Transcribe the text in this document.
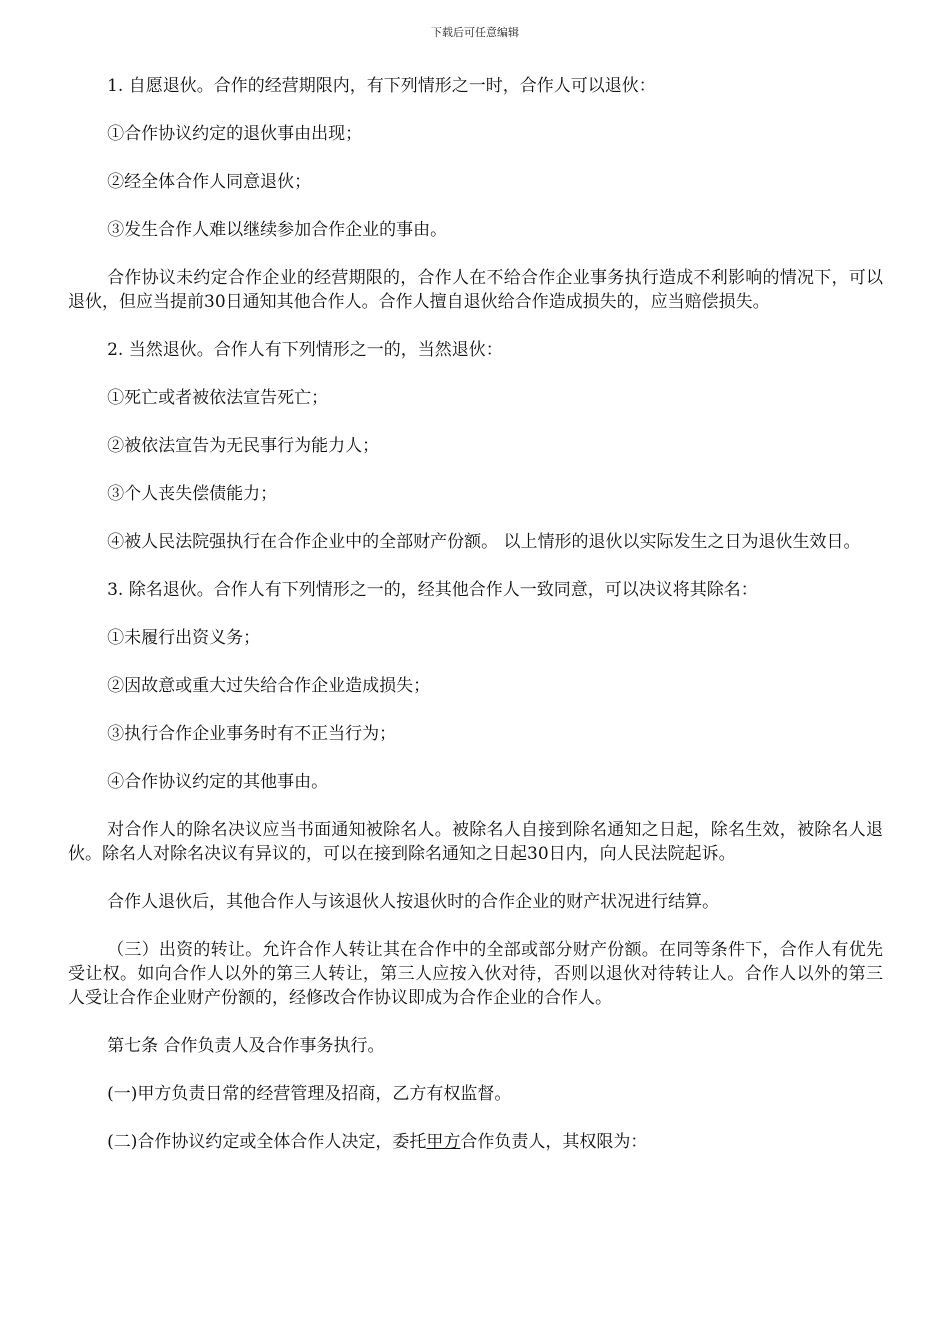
下载后可任意编辑

1. 自愿退伙。合作的经营期限内，有下列情形之一时，合作人可以退伙：

①合作协议约定的退伙事由出现；

②经全体合作人同意退伙；

③发生合作人难以继续参加合作企业的事由。

合作协议未约定合作企业的经营期限的，合作人在不给合作企业事务执行造成不利影响的情况下，可以退伙，但应当提前30日通知其他合作人。合作人擅自退伙给合作造成损失的，应当赔偿损失。

2. 当然退伙。合作人有下列情形之一的，当然退伙：

①死亡或者被依法宣告死亡；

②被依法宣告为无民事行为能力人；

③个人丧失偿债能力；

④被人民法院强执行在合作企业中的全部财产份额。 以上情形的退伙以实际发生之日为退伙生效日。

3. 除名退伙。合作人有下列情形之一的，经其他合作人一致同意，可以决议将其除名：

①未履行出资义务；

②因故意或重大过失给合作企业造成损失；

③执行合作企业事务时有不正当行为；

④合作协议约定的其他事由。

对合作人的除名决议应当书面通知被除名人。被除名人自接到除名通知之日起，除名生效，被除名人退伙。除名人对除名决议有异议的，可以在接到除名通知之日起30日内，向人民法院起诉。

合作人退伙后，其他合作人与该退伙人按退伙时的合作企业的财产状况进行结算。

（三）出资的转让。允许合作人转让其在合作中的全部或部分财产份额。在同等条件下，合作人有优先受让权。如向合作人以外的第三人转让，第三人应按入伙对待，否则以退伙对待转让人。合作人以外的第三人受让合作企业财产份额的，经修改合作协议即成为合作企业的合作人。

第七条 合作负责人及合作事务执行。

(一)甲方负责日常的经营管理及招商，乙方有权监督。

(二)合作协议约定或全体合作人决定，委托甲方合作负责人，其权限为：
